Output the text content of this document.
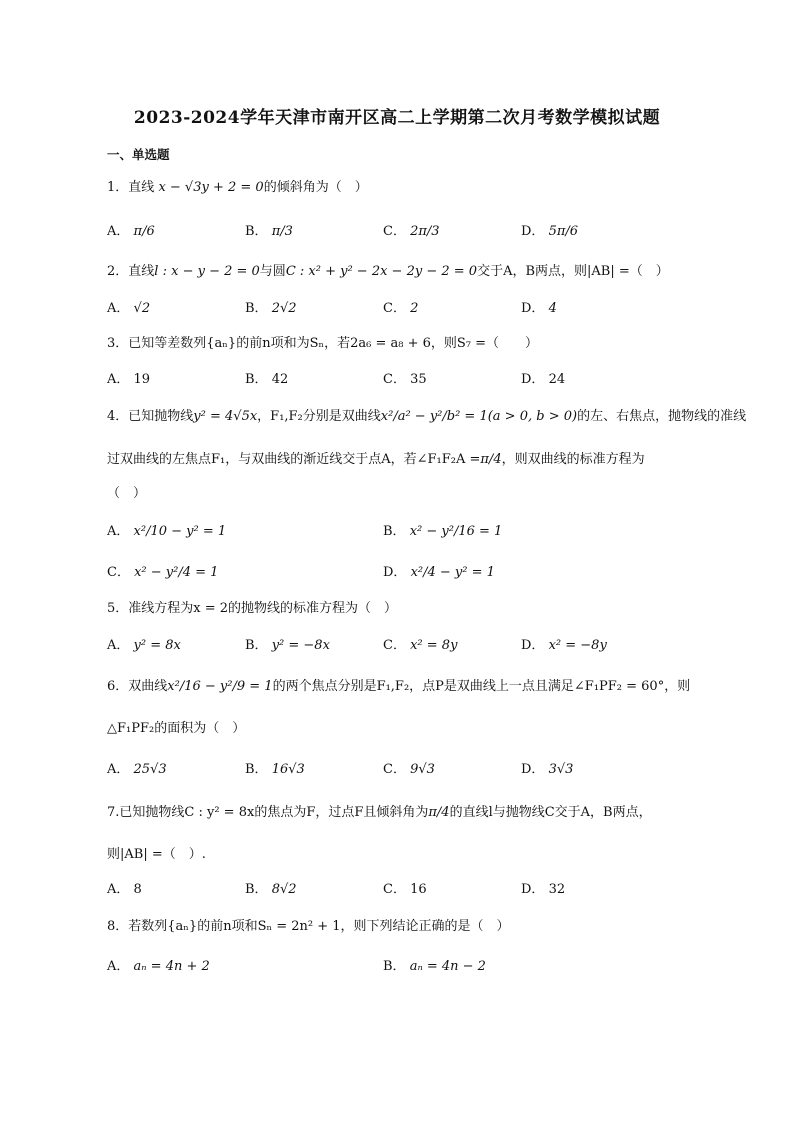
2023-2024学年天津市南开区高二上学期第二次月考数学模拟试题
一、单选题
1．直线 x − √3y + 2 = 0的倾斜角为（　）
A． π/6	B． π/3	C． 2π/3	D． 5π/6
2．直线l : x − y − 2 = 0与圆C : x² + y² − 2x − 2y − 2 = 0交于A，B两点，则|AB| =（　）
A． √2	B． 2√2	C． 2	D． 4
3．已知等差数列{aₙ}的前n项和为Sₙ，若2a₆ = a₈ + 6，则S₇ =（　　）
A． 19	B． 42	C． 35	D． 24
4．已知抛物线y² = 4√5x，F₁,F₂分别是双曲线x²/a² − y²/b² = 1(a > 0, b > 0)的左、右焦点，抛物线的准线
过双曲线的左焦点F₁，与双曲线的渐近线交于点A，若∠F₁F₂A =π/4，则双曲线的标准方程为
（　）
A． x²/10 − y² = 1	B． x² − y²/16 = 1
C． x² − y²/4 = 1	D． x²/4 − y² = 1
5．准线方程为x = 2的抛物线的标准方程为（　）
A． y² = 8x	B． y² = −8x	C． x² = 8y	D． x² = −8y
6．双曲线x²/16 − y²/9 = 1的两个焦点分别是F₁,F₂，点P是双曲线上一点且满足∠F₁PF₂ = 60°，则
△F₁PF₂的面积为（　）
A． 25√3	B． 16√3	C． 9√3	D． 3√3
7.已知抛物线C : y² = 8x的焦点为F，过点F且倾斜角为π/4的直线l与抛物线C交于A，B两点，
则|AB| =（　）.
A． 8	B． 8√2	C． 16	D． 32
8．若数列{aₙ}的前n项和Sₙ = 2n² + 1，则下列结论正确的是（　）
A． aₙ = 4n + 2	B． aₙ = 4n − 2
